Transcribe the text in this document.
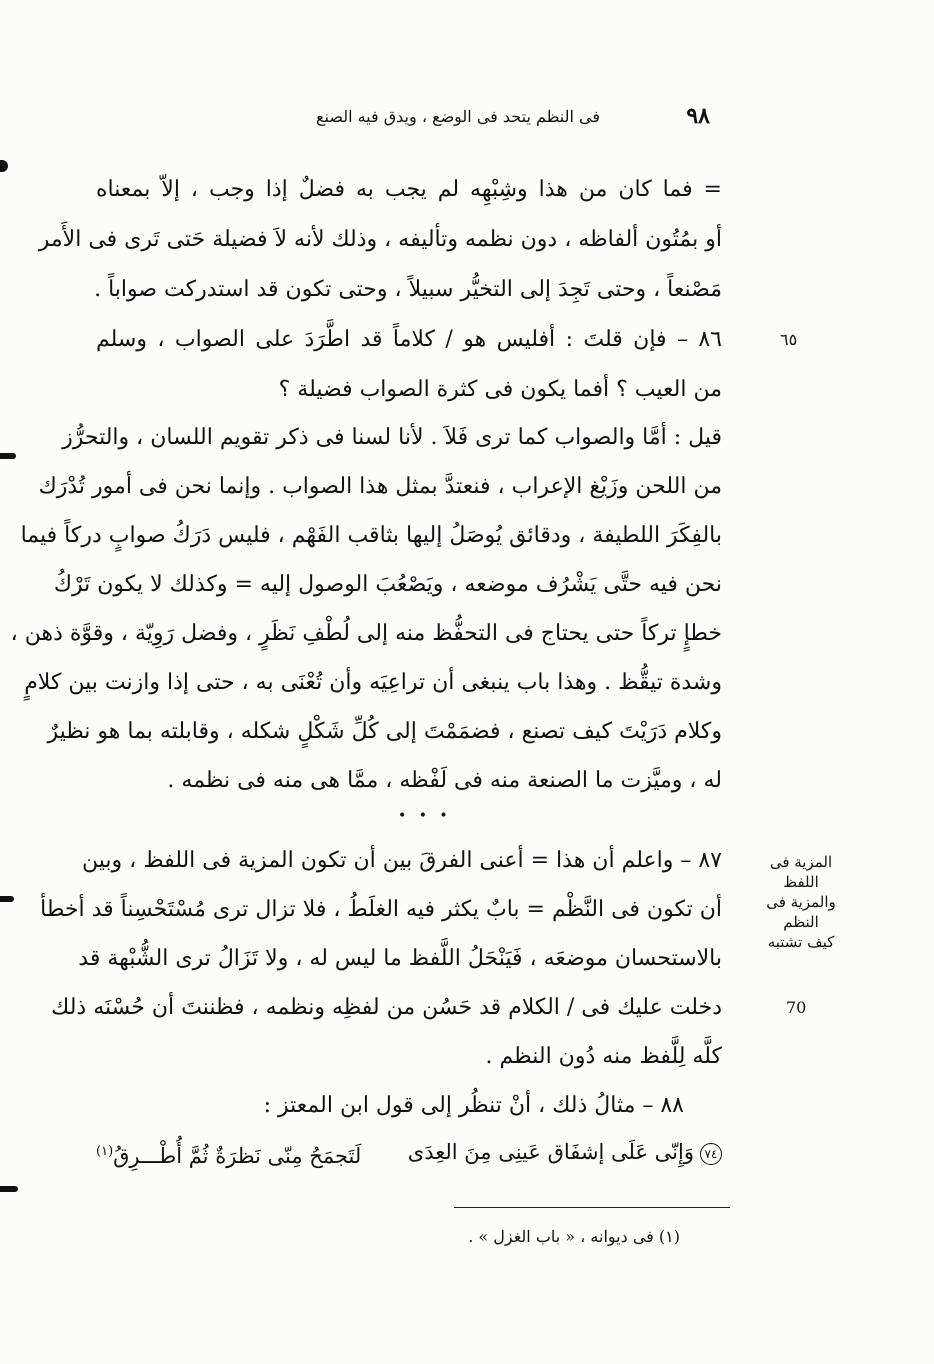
٩٨
فى النظم يتحد فى الوضع ، ويدق فيه الصنع
= فما كان من هذا وشِبْهِه لم يجب به فضلٌ إذا وجب ، إلاّ بمعناه
أو بمُتُون ألفاظه ، دون نظمه وتأليفه ، وذلك لأنه لاَ فضيلة حَتى تَرى فى الأَمر
مَصْنعاً ، وحتى تَجِدَ إلى التخيُّر سبيلاً ، وحتى تكون قد استدركت صواباً .
٨٦ – فإن قلتَ : أفليس هو / كلاماً قد اطَّرَدَ على الصواب ، وسلم
من العيب ؟ أفما يكون فى كثرة الصواب فضيلة ؟
قيل : أمَّا والصواب كما ترى فَلاَ . لأنا لسنا فى ذكر تقويم اللسان ، والتحرُّز
من اللحن وزَيْغ الإعراب ، فنعتدَّ بمثل هذا الصواب . وإنما نحن فى أمور تُدْرَك
بالفِكَرَ اللطيفة ، ودقائق يُوصَلُ إليها بثاقب الفَهْم ، فليس دَرَكُ صوابٍ دركاً فيما
نحن فيه حتَّى يَشْرُف موضعه ، ويَصْعُبَ الوصول إليه = وكذلك لا يكون تَرْكُ
خطإٍ تركاً حتى يحتاج فى التحفُّظ منه إلى لُطْفِ نَظَرٍ ، وفضل رَوِيّة ، وقوَّة ذهن ،
وشدة تيقُّظ . وهذا باب ينبغى أن تراعِيَه وأن تُعْنَى به ، حتى إذا وازنت بين كلامٍ
وكلام دَرَيْتَ كيف تصنع ، فضمَمْتَ إلى كُلِّ شَكْلٍ شكله ، وقابلته بما هو نظيرٌ
له ، وميَّزت ما الصنعة منه فى لَفْظه ، ممَّا هى منه فى نظمه .
• • •
٨٧ – واعلم أن هذا = أعنى الفرقَ بين أن تكون المزية فى اللفظ ، وبين
أن تكون فى النَّظْم = بابٌ يكثر فيه الغلَطُ ، فلا تزال ترى مُسْتَحْسِناً قد أخطأ
بالاستحسان موضعَه ، فَيَنْحَلُ اللَّفظ ما ليس له ، ولا تَزَالُ ترى الشُّبْهة قد
دخلت عليك فى / الكلام قد حَسُن من لفظِه ونظمه ، فظننتَ أن حُسْنَه ذلك
كلَّه لِلَّفظ منه دُون النظم .
٨٨ – مثالُ ذلك ، أنْ تنظُر إلى قول ابن المعتز :
٧٤وَإِنّى عَلَى إشفَاق عَينِى مِنَ العِدَى
لَتَجمَحُ مِنّى نَظرَةٌ ثُمَّ أُطْـــرِقُ$^{(١)}$
٦٥
المزية فى اللفظ
والمزية فى النظم
كيف تشتبه
70
(١) فى ديوانه ، « باب الغزل » .
